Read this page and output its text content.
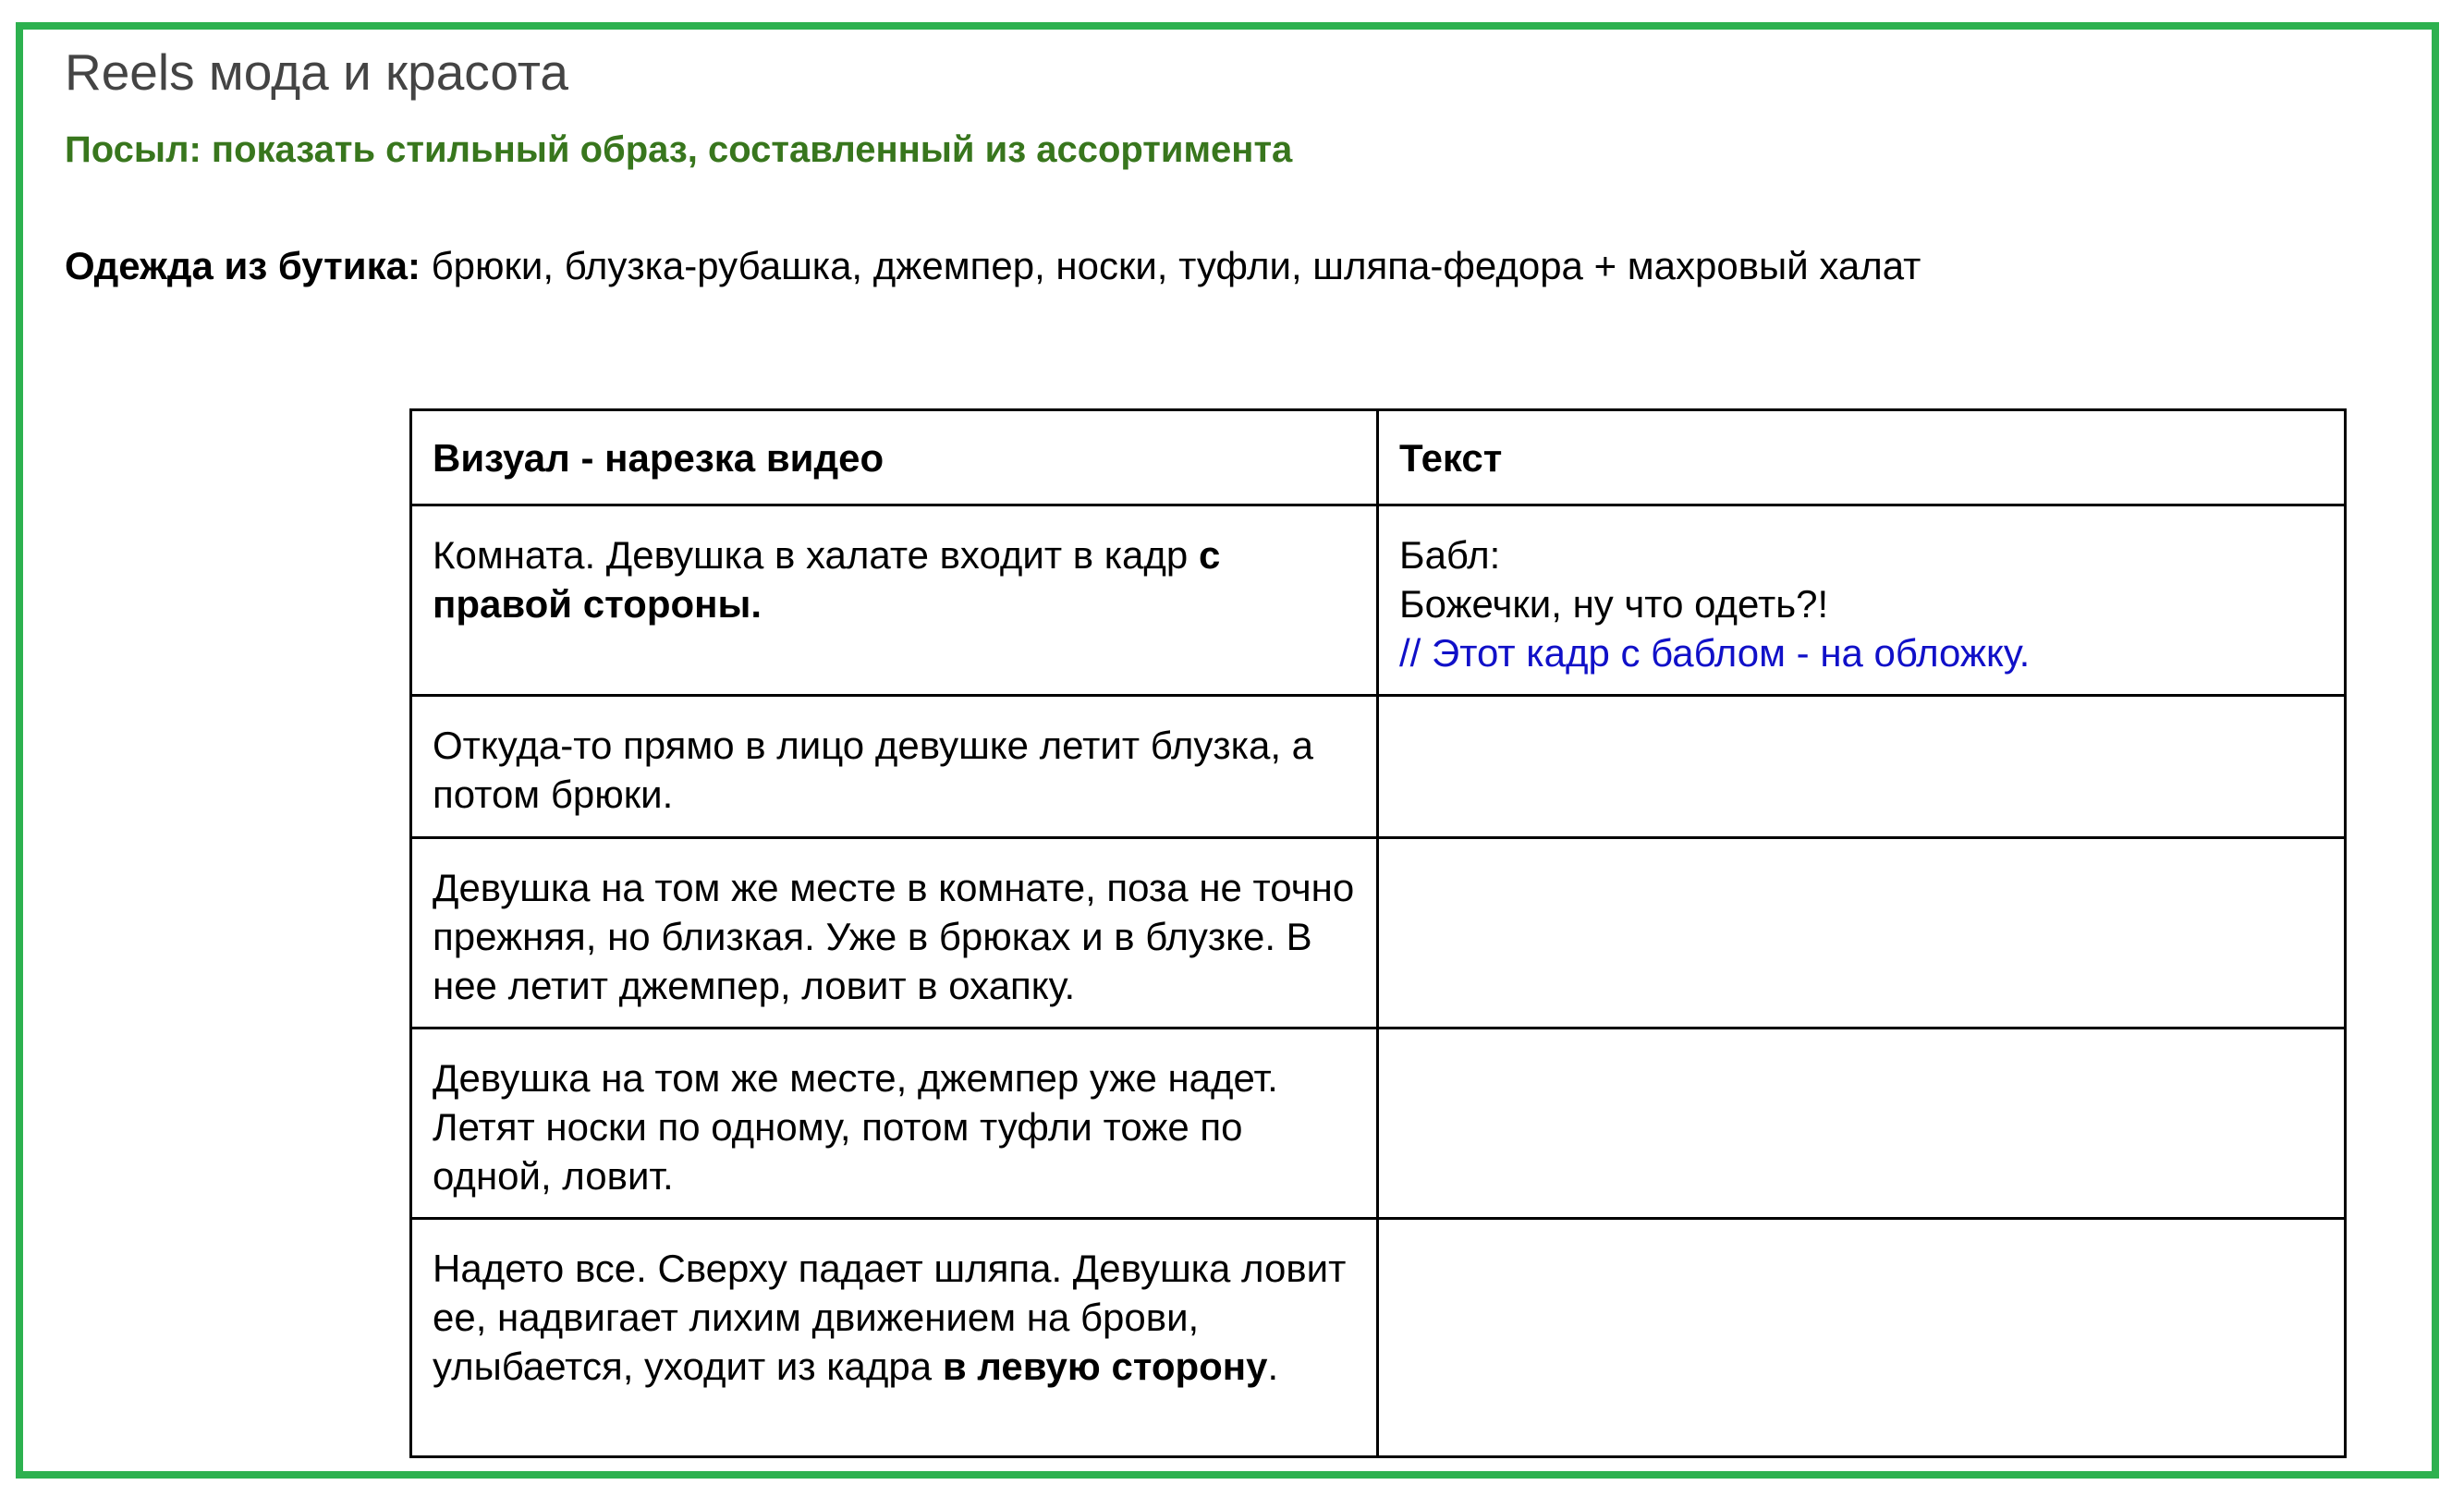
Reels мода и красота
Посыл: показать стильный образ, составленный из ассортимента
Одежда из бутика: брюки, блузка-рубашка, джемпер, носки, туфли, шляпа-федора + махровый халат
Визуал - нарезка видео	Текст
Комната. Девушка в халате входит в кадр с правой стороны.	Бабл:
Божечки, ну что одеть?!
// Этот кадр с баблом - на обложку.

Откуда-то прямо в лицо девушке летит блузка, а потом брюки.	
Девушка на том же месте в комнате, поза не точно прежняя, но близкая. Уже в брюках и в блузке. В нее летит джемпер, ловит в охапку.	
Девушка на том же месте, джемпер уже надет. Летят носки по одному, потом туфли тоже по одной, ловит.	
Надето все. Сверху падает шляпа. Девушка ловит ее, надвигает лихим движением на брови, улыбается, уходит из кадра в левую сторону.	
